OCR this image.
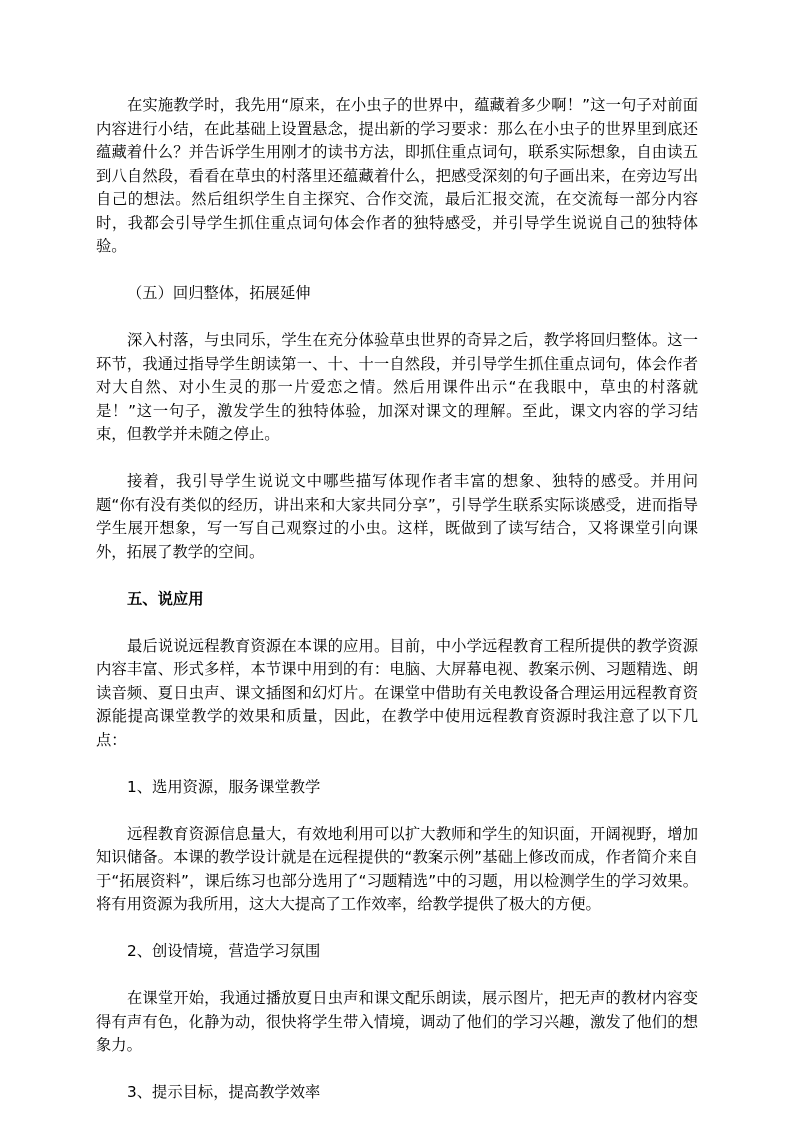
在实施教学时，我先用“原来，在小虫子的世界中，蕴藏着多少啊！”这一句子对前面内容进行小结，在此基础上设置悬念，提出新的学习要求：那么在小虫子的世界里到底还蕴藏着什么？并告诉学生用刚才的读书方法，即抓住重点词句，联系实际想象，自由读五到八自然段，看看在草虫的村落里还蕴藏着什么，把感受深刻的句子画出来，在旁边写出自己的想法。然后组织学生自主探究、合作交流，最后汇报交流，在交流每一部分内容时，我都会引导学生抓住重点词句体会作者的独特感受，并引导学生说说自己的独特体验。

（五）回归整体，拓展延伸

深入村落，与虫同乐，学生在充分体验草虫世界的奇异之后，教学将回归整体。这一环节，我通过指导学生朗读第一、十、十一自然段，并引导学生抓住重点词句，体会作者对大自然、对小生灵的那一片爱恋之情。然后用课件出示“在我眼中，草虫的村落就是！”这一句子，激发学生的独特体验，加深对课文的理解。至此，课文内容的学习结束，但教学并未随之停止。

接着，我引导学生说说文中哪些描写体现作者丰富的想象、独特的感受。并用问题“你有没有类似的经历，讲出来和大家共同分享”，引导学生联系实际谈感受，进而指导学生展开想象，写一写自己观察过的小虫。这样，既做到了读写结合，又将课堂引向课外，拓展了教学的空间。

五、说应用

最后说说远程教育资源在本课的应用。目前，中小学远程教育工程所提供的教学资源内容丰富、形式多样，本节课中用到的有：电脑、大屏幕电视、教案示例、习题精选、朗读音频、夏日虫声、课文插图和幻灯片。在课堂中借助有关电教设备合理运用远程教育资源能提高课堂教学的效果和质量，因此，在教学中使用远程教育资源时我注意了以下几点：

1、选用资源，服务课堂教学

远程教育资源信息量大，有效地利用可以扩大教师和学生的知识面，开阔视野，增加知识储备。本课的教学设计就是在远程提供的“教案示例”基础上修改而成，作者简介来自于“拓展资料”，课后练习也部分选用了“习题精选”中的习题，用以检测学生的学习效果。将有用资源为我所用，这大大提高了工作效率，给教学提供了极大的方便。

2、创设情境，营造学习氛围

在课堂开始，我通过播放夏日虫声和课文配乐朗读，展示图片，把无声的教材内容变得有声有色，化静为动，很快将学生带入情境，调动了他们的学习兴趣，激发了他们的想象力。

3、提示目标，提高教学效率
